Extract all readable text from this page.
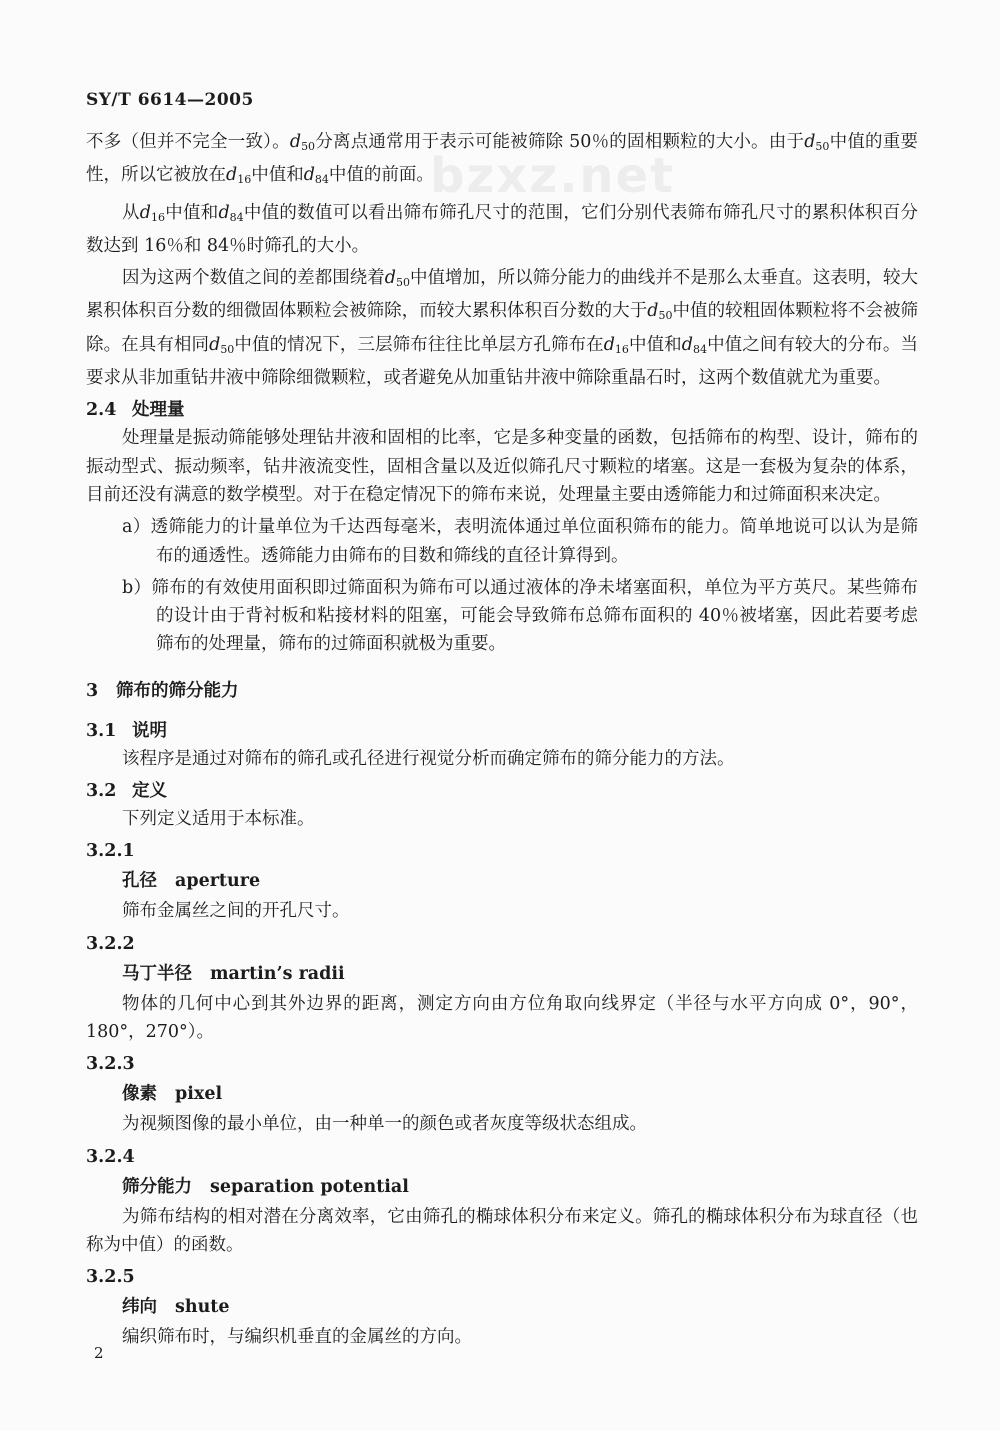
bzxz.net
SY/T 6614—2005

不多（但并不完全一致）。$d_{50}$分离点通常用于表示可能被筛除 50％的固相颗粒的大小。由于$d_{50}$中值的重要性，所以它被放在$d_{16}$中值和$d_{84}$中值的前面。

从$d_{16}$中值和$d_{84}$中值的数值可以看出筛布筛孔尺寸的范围，它们分别代表筛布筛孔尺寸的累积体积百分数达到 16％和 84％时筛孔的大小。

因为这两个数值之间的差都围绕着$d_{50}$中值增加，所以筛分能力的曲线并不是那么太垂直。这表明，较大累积体积百分数的细微固体颗粒会被筛除，而较大累积体积百分数的大于$d_{50}$中值的较粗固体颗粒将不会被筛除。在具有相同$d_{50}$中值的情况下，三层筛布往往比单层方孔筛布在$d_{16}$中值和$d_{84}$中值之间有较大的分布。当要求从非加重钻井液中筛除细微颗粒，或者避免从加重钻井液中筛除重晶石时，这两个数值就尤为重要。

2.4 处理量

处理量是振动筛能够处理钻井液和固相的比率，它是多种变量的函数，包括筛布的构型、设计，筛布的振动型式、振动频率，钻井液流变性，固相含量以及近似筛孔尺寸颗粒的堵塞。这是一套极为复杂的体系，目前还没有满意的数学模型。对于在稳定情况下的筛布来说，处理量主要由透筛能力和过筛面积来决定。

a）透筛能力的计量单位为千达西每毫米，表明流体通过单位面积筛布的能力。简单地说可以认为是筛布的通透性。透筛能力由筛布的目数和筛线的直径计算得到。

b）筛布的有效使用面积即过筛面积为筛布可以通过液体的净未堵塞面积，单位为平方英尺。某些筛布的设计由于背衬板和粘接材料的阻塞，可能会导致筛布总筛布面积的 40％被堵塞，因此若要考虑筛布的处理量，筛布的过筛面积就极为重要。

3 筛布的筛分能力
3.1 说明

该程序是通过对筛布的筛孔或孔径进行视觉分析而确定筛布的筛分能力的方法。

3.2 定义

下列定义适用于本标准。

3.2.1
孔径 aperture

筛布金属丝之间的开孔尺寸。

3.2.2
马丁半径 martin’s radii

物体的几何中心到其外边界的距离，测定方向由方位角取向线界定（半径与水平方向成 0°，90°，180°，270°）。

3.2.3
像素 pixel

为视频图像的最小单位，由一种单一的颜色或者灰度等级状态组成。

3.2.4
筛分能力 separation potential

为筛布结构的相对潜在分离效率，它由筛孔的椭球体积分布来定义。筛孔的椭球体积分布为球直径（也称为中值）的函数。

3.2.5
纬向 shute

编织筛布时，与编织机垂直的金属丝的方向。

2
